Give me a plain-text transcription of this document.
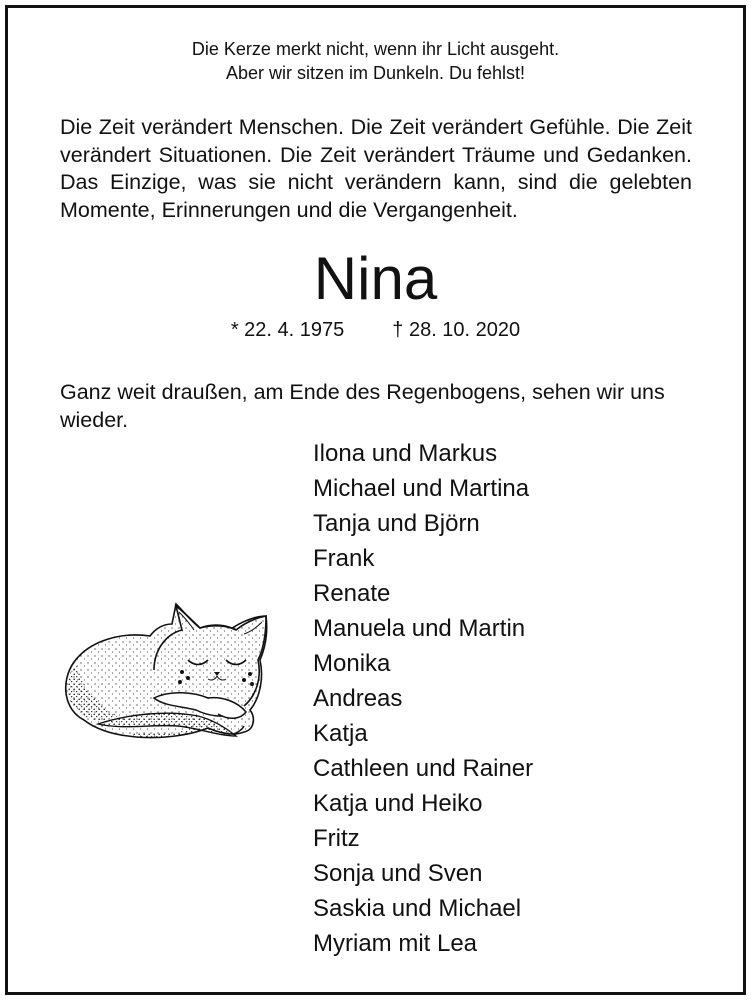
Die Kerze merkt nicht, wenn ihr Licht ausgeht.
Aber wir sitzen im Dunkeln. Du fehlst!
Die Zeit verändert Menschen. Die Zeit verändert Gefühle. Die Zeit verändert Situationen. Die Zeit verändert Träume und Gedanken. Das Einzige, was sie nicht verändern kann, sind die gelebten Momente, Erinnerungen und die Vergangenheit.
Nina
* 22. 4. 1975 † 28. 10. 2020
Ganz weit draußen, am Ende des Regenbogens, sehen wir uns wieder.
Ilona und Markus
Michael und Martina
Tanja und Björn
Frank
Renate
Manuela und Martin
Monika
Andreas
Katja
Cathleen und Rainer
Katja und Heiko
Fritz
Sonja und Sven
Saskia und Michael
Myriam mit Lea
